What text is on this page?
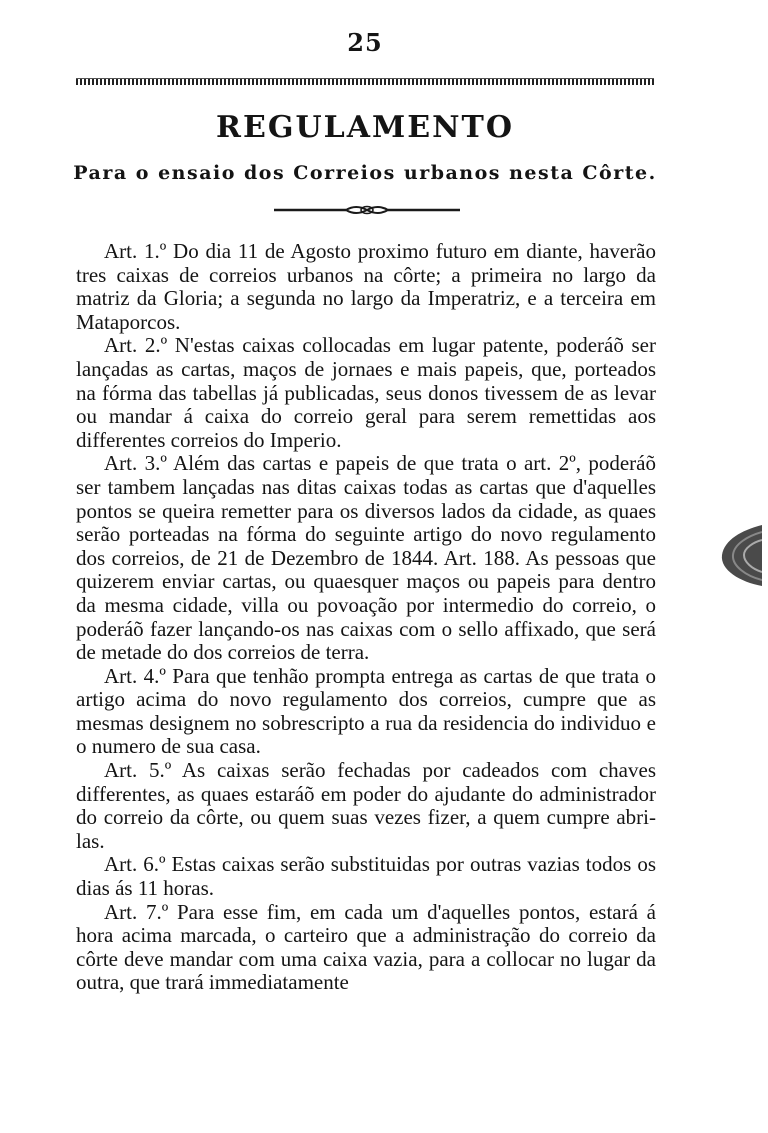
25
REGULAMENTO
Para o ensaio dos Correios urbanos nesta Côrte.

Art. 1.º Do dia 11 de Agosto proximo futuro em diante, haverão tres caixas de correios urbanos na côrte; a primeira no largo da matriz da Gloria; a segunda no largo da Imperatriz, e a terceira em Mataporcos.

Art. 2.º N'estas caixas collocadas em lugar patente, poderáõ ser lançadas as cartas, maços de jornaes e mais papeis, que, porteados na fórma das tabellas já publicadas, seus donos tivessem de as levar ou mandar á caixa do correio geral para serem remettidas aos differentes correios do Imperio.

Art. 3.º Além das cartas e papeis de que trata o art. 2º, poderáõ ser tambem lançadas nas ditas caixas todas as cartas que d'aquelles pontos se queira remetter para os diversos lados da cidade, as quaes serão porteadas na fórma do seguinte artigo do novo regulamento dos correios, de 21 de Dezembro de 1844. Art. 188. As pessoas que quizerem enviar cartas, ou quaesquer maços ou papeis para dentro da mesma cidade, villa ou povoação por intermedio do correio, o poderáõ fazer lançando-os nas caixas com o sello affixado, que será de metade do dos correios de terra.

Art. 4.º Para que tenhão prompta entrega as cartas de que trata o artigo acima do novo regulamento dos correios, cumpre que as mesmas designem no sobrescripto a rua da residencia do individuo e o numero de sua casa.

Art. 5.º As caixas serão fechadas por cadeados com chaves differentes, as quaes estaráõ em poder do ajudante do administrador do correio da côrte, ou quem suas vezes fizer, a quem cumpre abri-las.

Art. 6.º Estas caixas serão substituidas por outras vazias todos os dias ás 11 horas.

Art. 7.º Para esse fim, em cada um d'aquelles pontos, estará á hora acima marcada, o carteiro que a administração do correio da côrte deve mandar com uma caixa vazia, para a collocar no lugar da outra, que trará immediatamente
